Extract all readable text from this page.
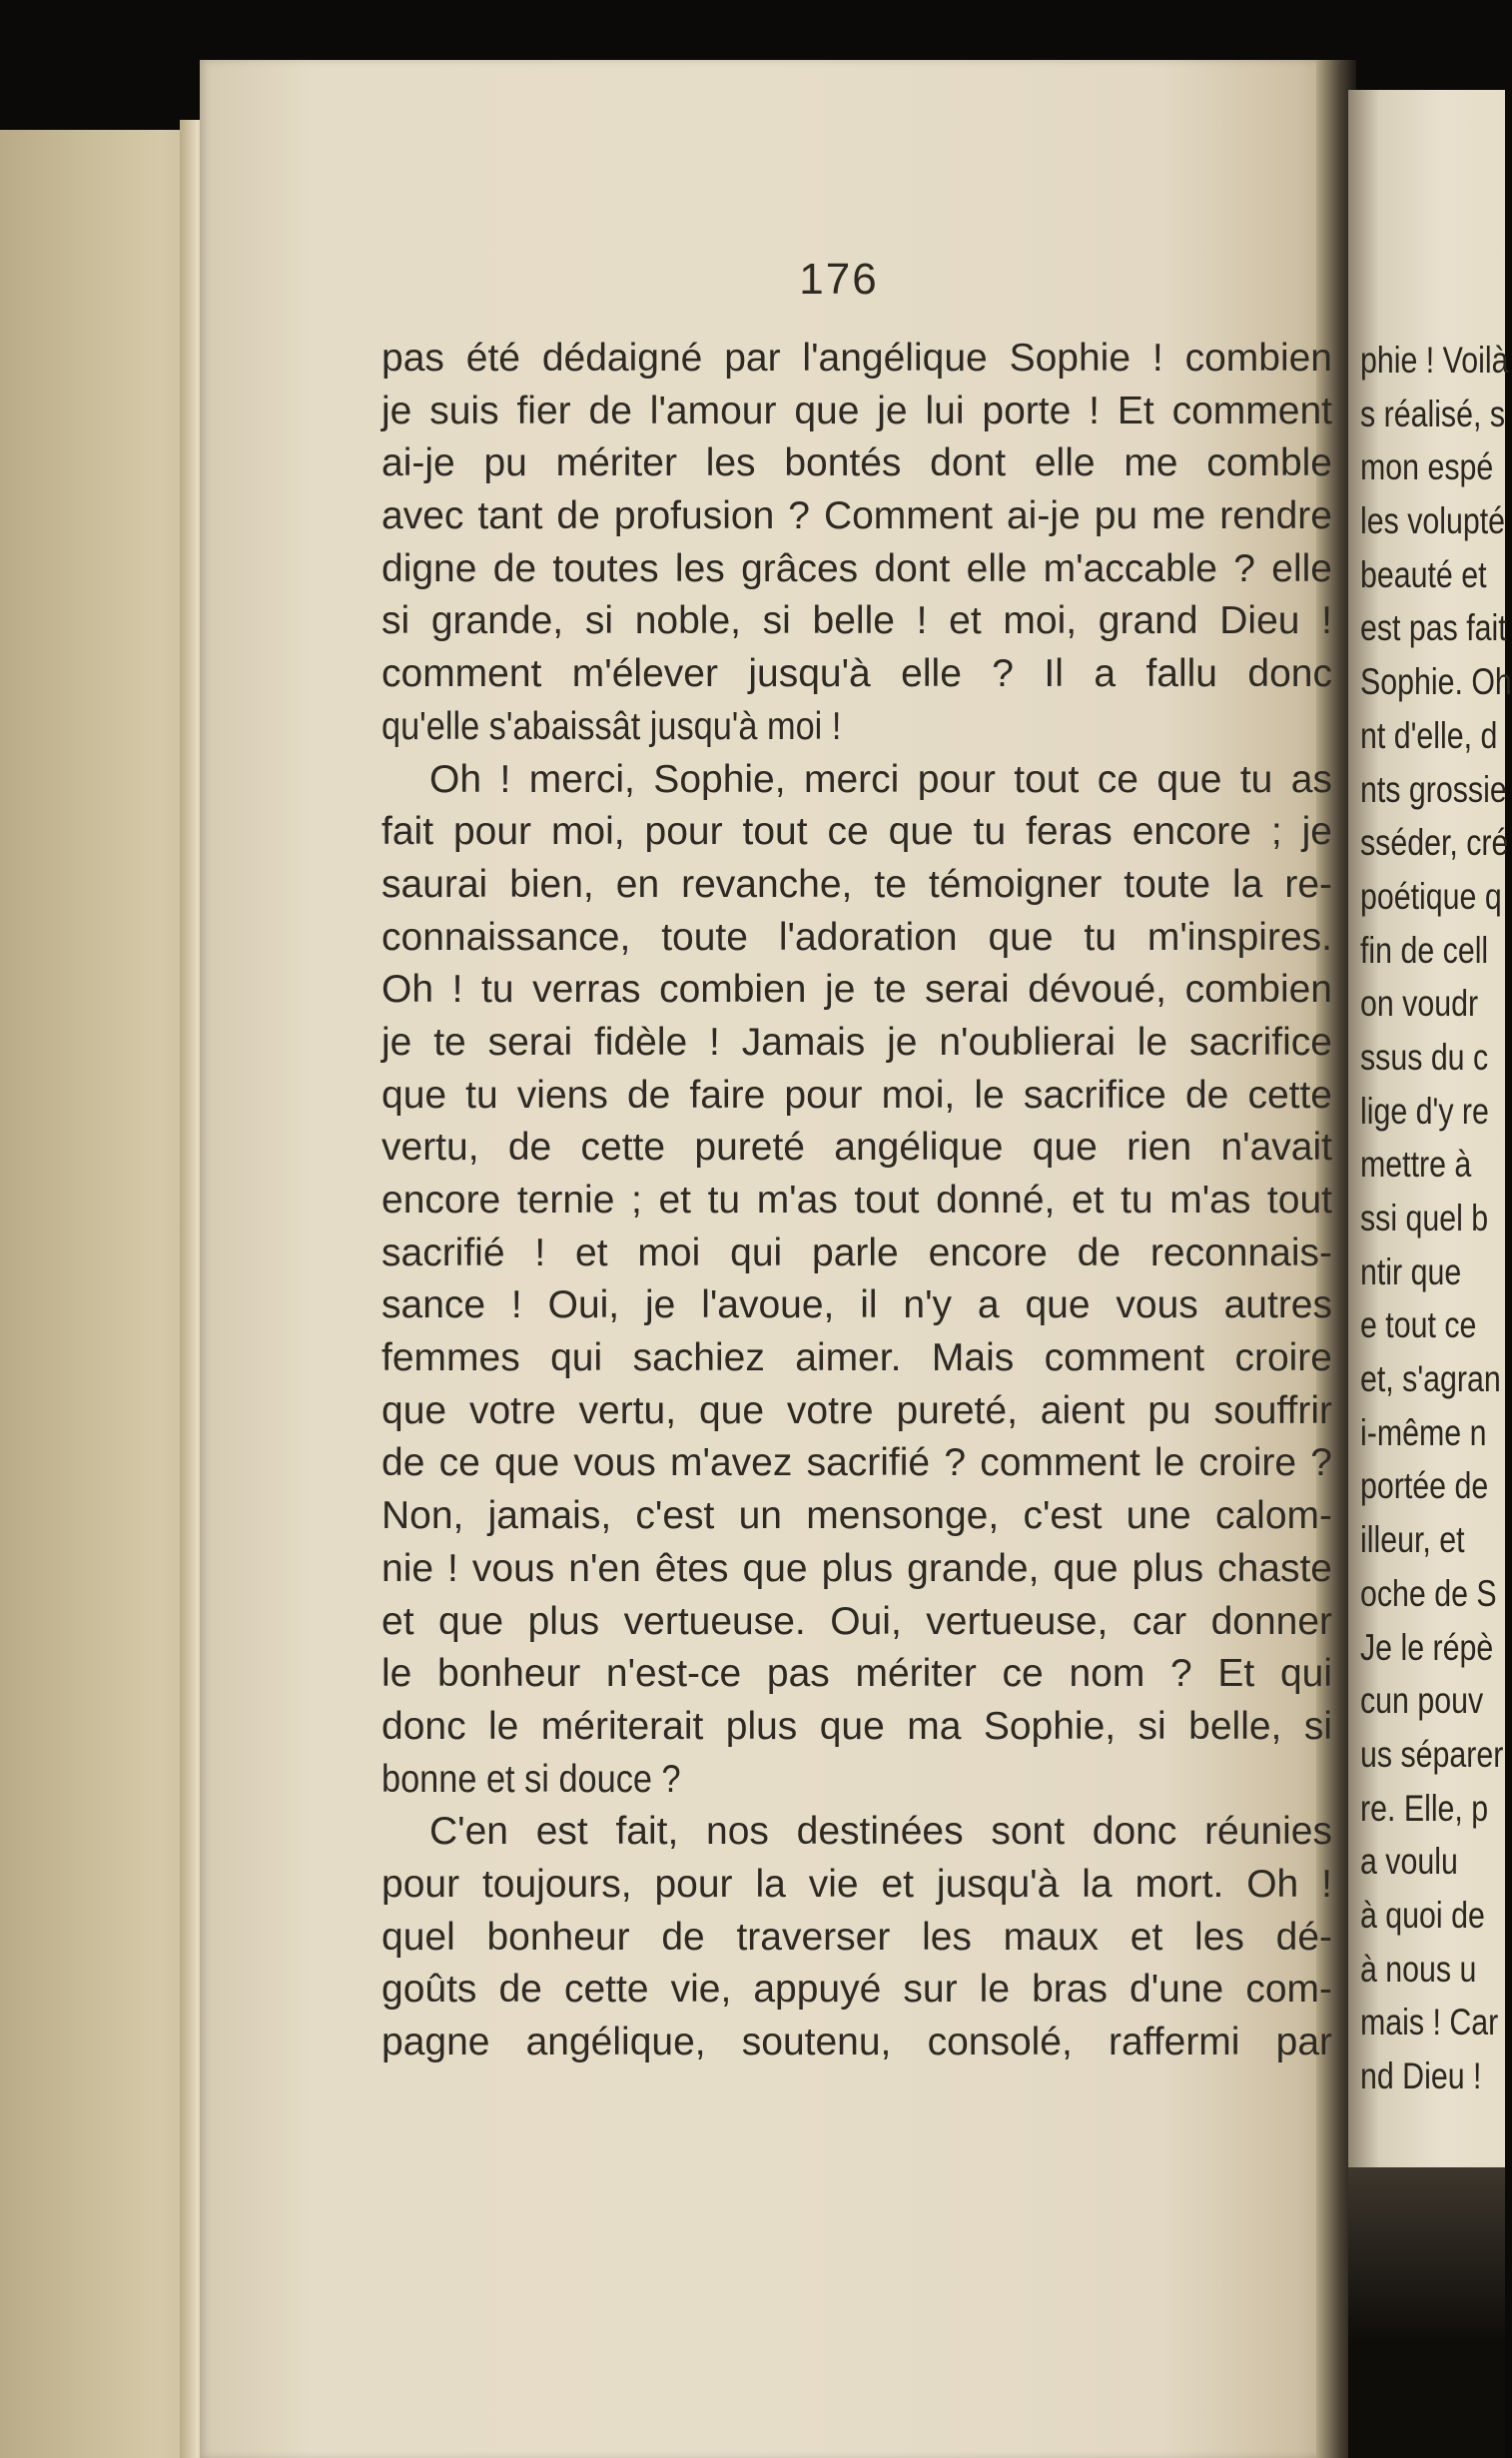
176
pas été dédaigné par l'angélique Sophie ! combien
je suis fier de l'amour que je lui porte ! Et comment
ai-je pu mériter les bontés dont elle me comble
avec tant de profusion ? Comment ai-je pu me rendre
digne de toutes les grâces dont elle m'accable ? elle
si grande, si noble, si belle ! et moi, grand Dieu !
comment m'élever jusqu'à elle ? Il a fallu donc
qu'elle s'abaissât jusqu'à moi !
Oh ! merci, Sophie, merci pour tout ce que tu as
fait pour moi, pour tout ce que tu feras encore ; je
saurai bien, en revanche, te témoigner toute la re-
connaissance, toute l'adoration que tu m'inspires.
Oh ! tu verras combien je te serai dévoué, combien
je te serai fidèle ! Jamais je n'oublierai le sacrifice
que tu viens de faire pour moi, le sacrifice de cette
vertu, de cette pureté angélique que rien n'avait
encore ternie ; et tu m'as tout donné, et tu m'as tout
sacrifié ! et moi qui parle encore de reconnais-
sance ! Oui, je l'avoue, il n'y a que vous autres
femmes qui sachiez aimer. Mais comment croire
que votre vertu, que votre pureté, aient pu souffrir
de ce que vous m'avez sacrifié ? comment le croire ?
Non, jamais, c'est un mensonge, c'est une calom-
nie ! vous n'en êtes que plus grande, que plus chaste
et que plus vertueuse. Oui, vertueuse, car donner
le bonheur n'est-ce pas mériter ce nom ? Et qui
donc le mériterait plus que ma Sophie, si belle, si
bonne et si douce ?
C'en est fait, nos destinées sont donc réunies
pour toujours, pour la vie et jusqu'à la mort. Oh !
quel bonheur de traverser les maux et les dé-
goûts de cette vie, appuyé sur le bras d'une com-
pagne angélique, soutenu, consolé, raffermi par
phie ! Voilà
s réalisé, s
mon espé
les volupté
beauté et
est pas fait
Sophie. Oh
nt d'elle, d
nts grossie
sséder, cré
poétique q
fin de cell
on voudr
ssus du c
lige d'y re
mettre à
ssi quel b
ntir que
e tout ce
et, s'agran
i-même n
portée de
illeur, et
oche de S
Je le répè
cun pouv
us séparer
re. Elle, p
a voulu
à quoi de
à nous u
mais ! Car
nd Dieu !
